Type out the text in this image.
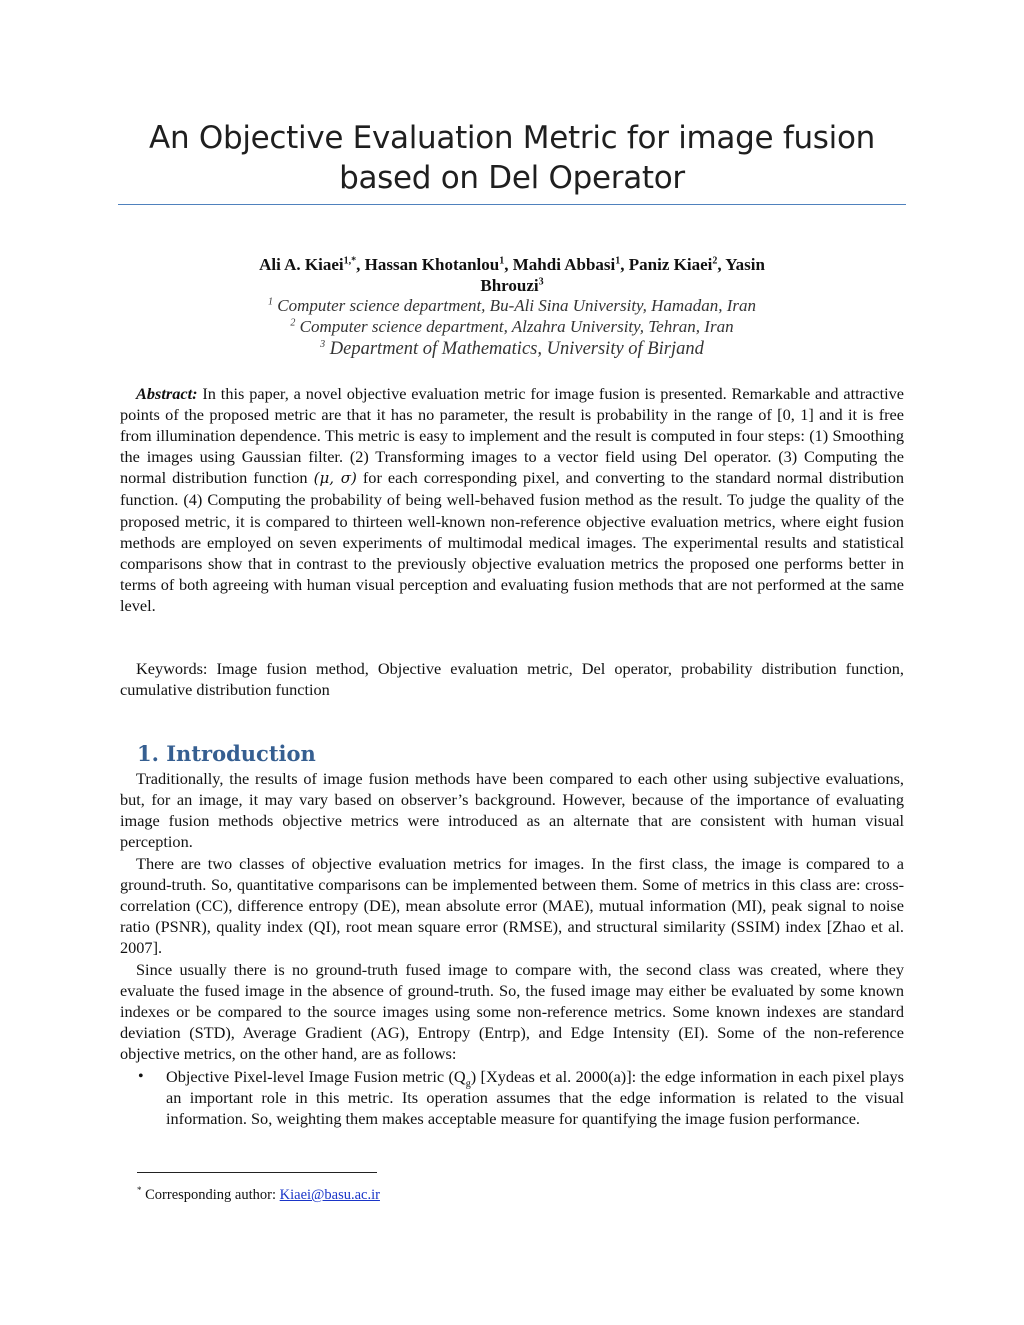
An Objective Evaluation Metric for image fusion
based on Del Operator
Ali A. Kiaei$^{1,*}$, Hassan Khotanlou$^1$, Mahdi Abbasi$^1$, Paniz Kiaei$^2$, Yasin
Bhrouzi$^3$
$^1$ Computer science department, Bu-Ali Sina University, Hamadan, Iran
$^2$ Computer science department, Alzahra University, Tehran, Iran
$^3$ Department of Mathematics, University of Birjand
Abstract: In this paper, a novel objective evaluation metric for image fusion is presented. Remarkable and attractive points of the proposed metric are that it has no parameter, the result is probability in the range of [0, 1] and it is free from illumination dependence. This metric is easy to implement and the result is computed in four steps: (1) Smoothing the images using Gaussian filter. (2) Transforming images to a vector field using Del operator. (3) Computing the normal distribution function (μ, σ) for each corresponding pixel, and converting to the standard normal distribution function. (4) Computing the probability of being well-behaved fusion method as the result. To judge the quality of the proposed metric, it is compared to thirteen well-known non-reference objective evaluation metrics, where eight fusion methods are employed on seven experiments of multimodal medical images. The experimental results and statistical comparisons show that in contrast to the previously objective evaluation metrics the proposed one performs better in terms of both agreeing with human visual perception and evaluating fusion methods that are not performed at the same level.
Keywords: Image fusion method, Objective evaluation metric, Del operator, probability distribution function, cumulative distribution function
1. Introduction
Traditionally, the results of image fusion methods have been compared to each other using subjective evaluations, but, for an image, it may vary based on observer’s background. However, because of the importance of evaluating image fusion methods objective metrics were introduced as an alternate that are consistent with human visual perception.
There are two classes of objective evaluation metrics for images. In the first class, the image is compared to a ground-truth. So, quantitative comparisons can be implemented between them. Some of metrics in this class are: cross-correlation (CC), difference entropy (DE), mean absolute error (MAE), mutual information (MI), peak signal to noise ratio (PSNR), quality index (QI), root mean square error (RMSE), and structural similarity (SSIM) index [Zhao et al. 2007].
Since usually there is no ground-truth fused image to compare with, the second class was created, where they evaluate the fused image in the absence of ground-truth. So, the fused image may either be evaluated by some known indexes or be compared to the source images using some non-reference metrics. Some known indexes are standard deviation (STD), Average Gradient (AG), Entropy (Entrp), and Edge Intensity (EI). Some of the non-reference objective metrics, on the other hand, are as follows:
• Objective Pixel-level Image Fusion metric $(Q_g)$ [Xydeas et al. 2000(a)]: the edge information in each pixel plays an important role in this metric. Its operation assumes that the edge information is related to the visual information. So, weighting them makes acceptable measure for quantifying the image fusion performance.
* Corresponding author: Kiaei@basu.ac.ir
